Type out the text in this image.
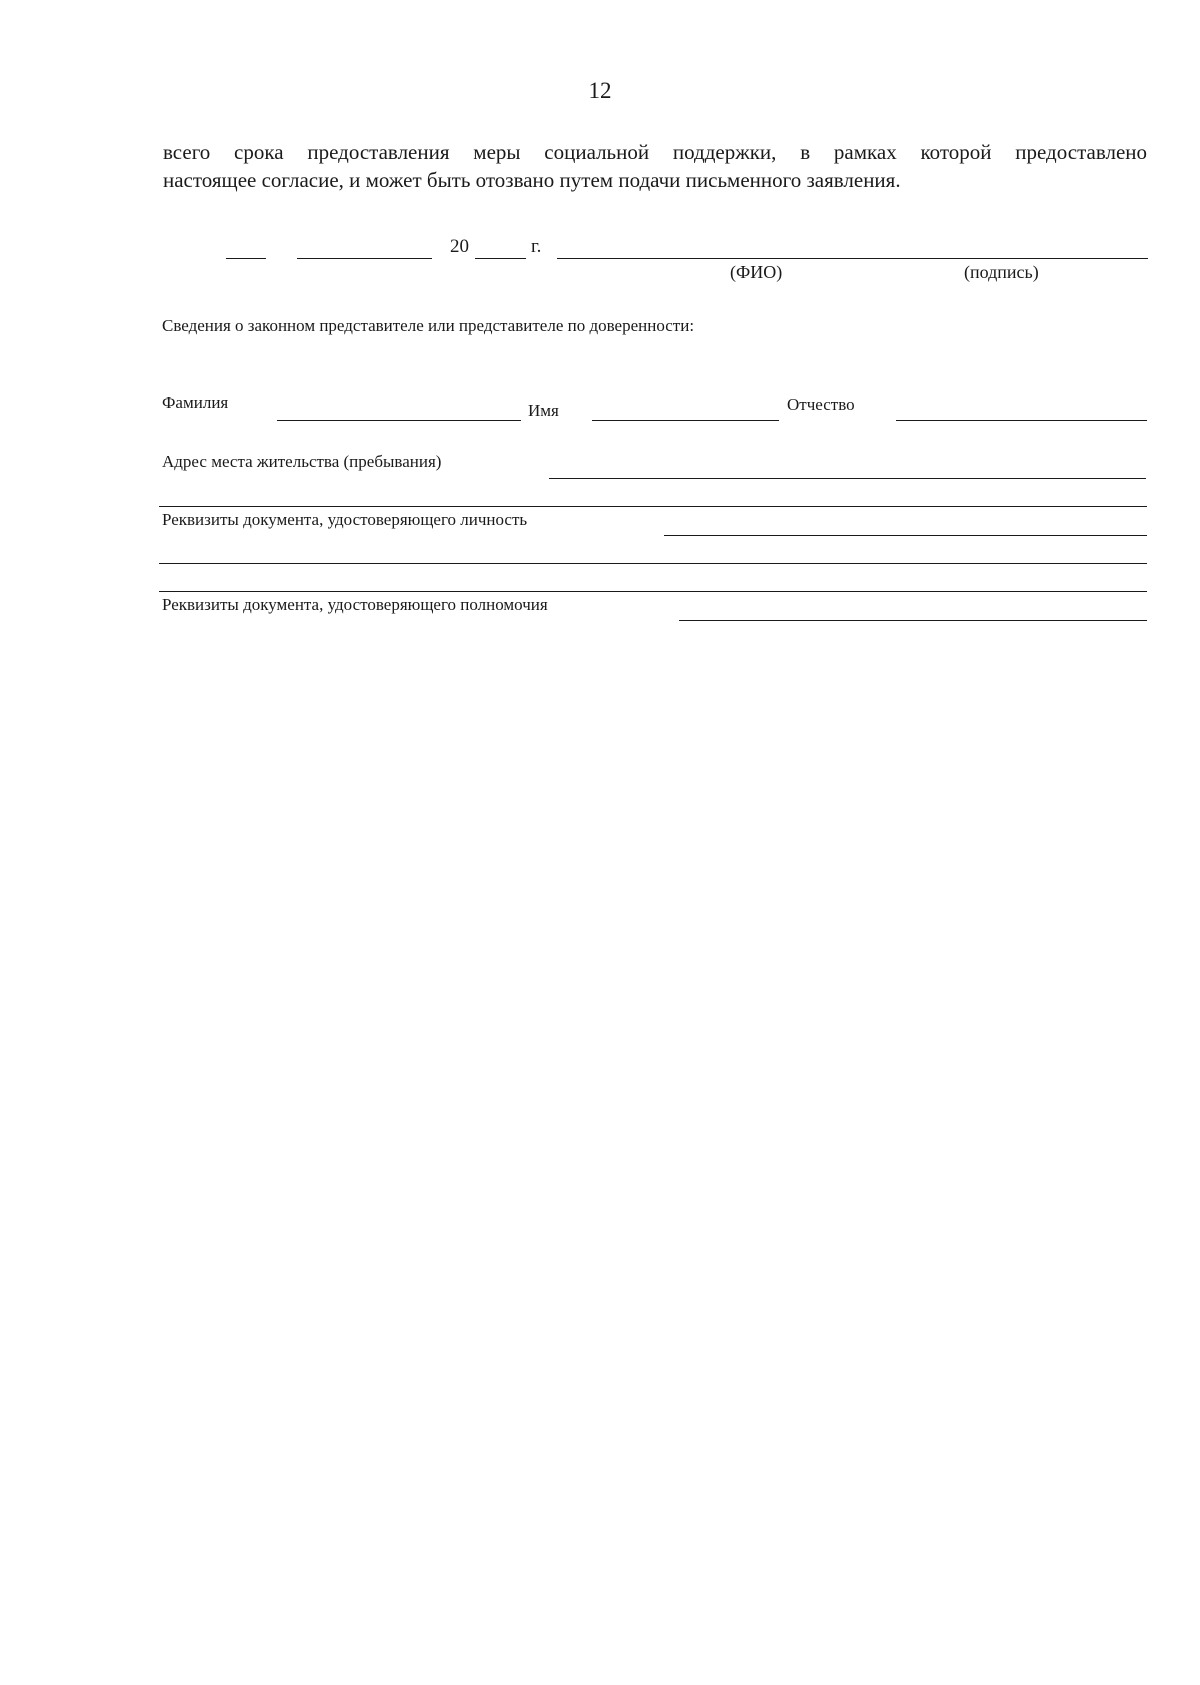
12
всего срока предоставления меры социальной поддержки, в рамках которой предоставлено
настоящее согласие, и может быть отозвано путем подачи письменного заявления.
20	г.
(ФИО)	(подпись)
Сведения о законном представителе или представителе по доверенности:
Фамилия	Имя	Отчество
Адрес места жительства (пребывания)
Реквизиты документа, удостоверяющего личность
Реквизиты документа, удостоверяющего полномочия
